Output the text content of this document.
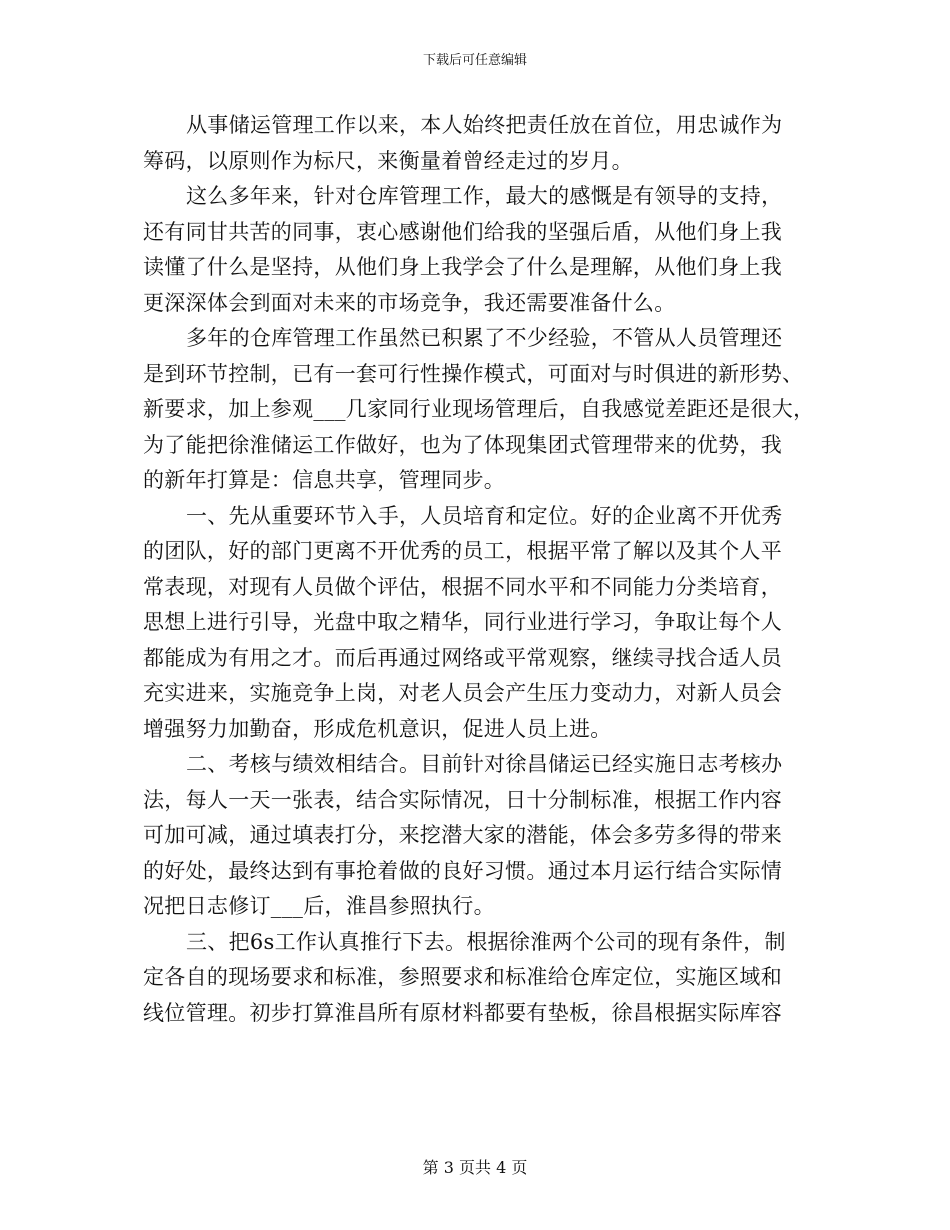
下载后可任意编辑

从事储运管理工作以来，本人始终把责任放在首位，用忠诚作为
筹码，以原则作为标尺，来衡量着曾经走过的岁月。

这么多年来，针对仓库管理工作，最大的感慨是有领导的支持，
还有同甘共苦的同事，衷心感谢他们给我的坚强后盾，从他们身上我
读懂了什么是坚持，从他们身上我学会了什么是理解，从他们身上我
更深深体会到面对未来的市场竞争，我还需要准备什么。

多年的仓库管理工作虽然已积累了不少经验，不管从人员管理还
是到环节控制，已有一套可行性操作模式，可面对与时俱进的新形势、
新要求，加上参观___几家同行业现场管理后，自我感觉差距还是很大，
为了能把徐淮储运工作做好，也为了体现集团式管理带来的优势，我
的新年打算是：信息共享，管理同步。

一、先从重要环节入手，人员培育和定位。好的企业离不开优秀
的团队，好的部门更离不开优秀的员工，根据平常了解以及其个人平
常表现，对现有人员做个评估，根据不同水平和不同能力分类培育，
思想上进行引导，光盘中取之精华，同行业进行学习，争取让每个人
都能成为有用之才。而后再通过网络或平常观察，继续寻找合适人员
充实进来，实施竞争上岗，对老人员会产生压力变动力，对新人员会
增强努力加勤奋，形成危机意识，促进人员上进。

二、考核与绩效相结合。目前针对徐昌储运已经实施日志考核办
法，每人一天一张表，结合实际情况，日十分制标准，根据工作内容
可加可减，通过填表打分，来挖潜大家的潜能，体会多劳多得的带来
的好处，最终达到有事抢着做的良好习惯。通过本月运行结合实际情
况把日志修订___后，淮昌参照执行。

三、把6s工作认真推行下去。根据徐淮两个公司的现有条件，制
定各自的现场要求和标准，参照要求和标准给仓库定位，实施区域和
线位管理。初步打算淮昌所有原材料都要有垫板，徐昌根据实际库容

第 3 页共 4 页
